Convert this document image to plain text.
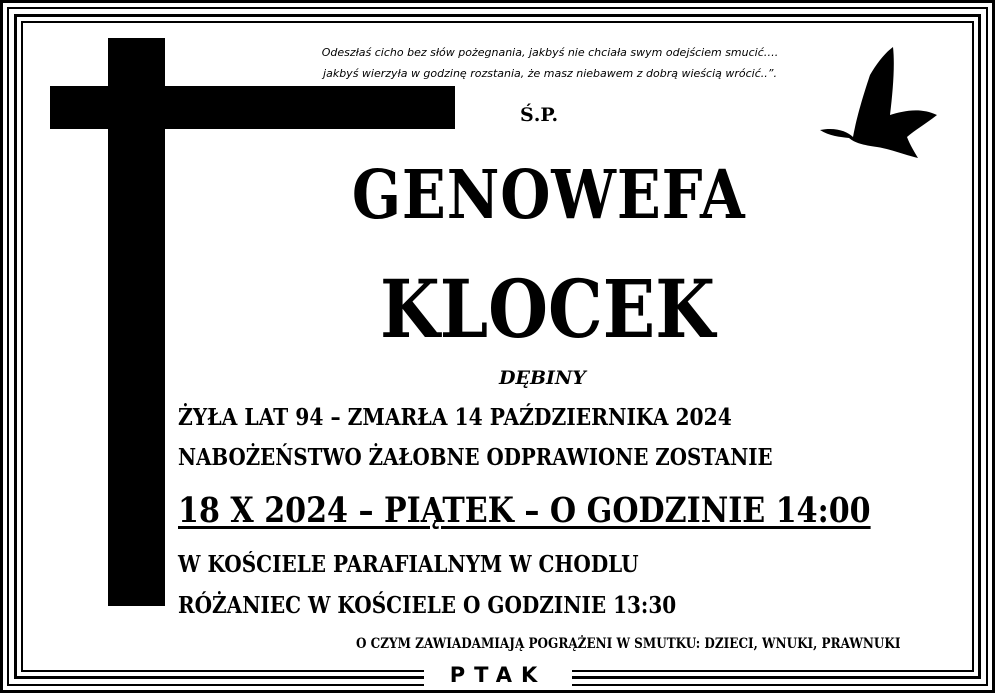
Odeszłaś cicho bez słów pożegnania, jakbyś nie chciała swym odejściem smucić….
jakbyś wierzyła w godzinę rozstania, że masz niebawem z dobrą wieścią wrócić..”.
Ś.P.
GENOWEFA
KLOCEK
DĘBINY
ŻYŁA LAT 94 – ZMARŁA 14 PAŹDZIERNIKA 2024
NABOŻEŃSTWO ŻAŁOBNE ODPRAWIONE ZOSTANIE
18 X 2024 – PIĄTEK – O GODZINIE 14:00
W KOŚCIELE PARAFIALNYM W CHODLU
RÓŻANIEC W KOŚCIELE O GODZINIE 13:30
O CZYM ZAWIADAMIAJĄ POGRĄŻENI W SMUTKU: DZIECI, WNUKI, PRAWNUKI
PTAK
